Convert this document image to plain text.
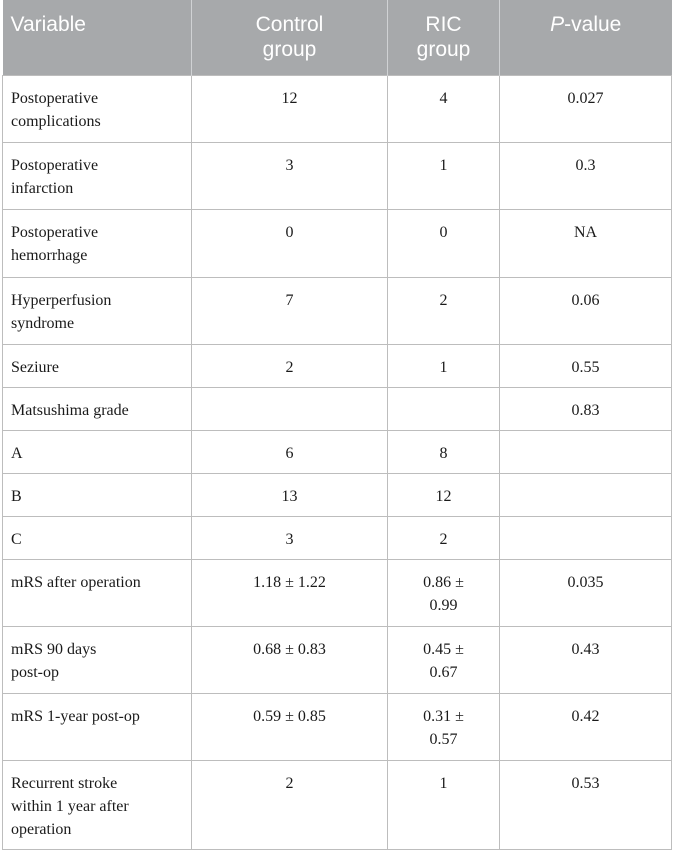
Variable	Control group	RIC group	P-value
Postoperative complications	12	4	0.027
Postoperative infarction	3	1	0.3
Postoperative hemorrhage	0	0	NA
Hyperperfusion syndrome	7	2	0.06
Seziure	2	1	0.55
Matsushima grade			0.83
A	6	8	
B	13	12	
C	3	2	
mRS after operation	1.18 ± 1.22	0.86 ± 0.99	0.035
mRS 90 days post-op	0.68 ± 0.83	0.45 ± 0.67	0.43
mRS 1-year post-op	0.59 ± 0.85	0.31 ± 0.57	0.42
Recurrent stroke within 1 year after operation	2	1	0.53
